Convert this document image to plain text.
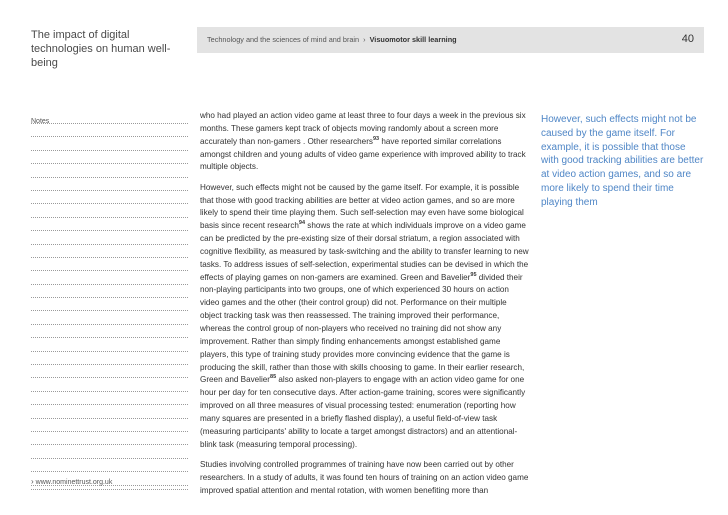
The impact of digital technologies on human well-being
Technology and the sciences of mind and brain › Visuomotor skill learning	40
Notes
› www.nominettrust.org.uk

who had played an action video game at least three to four days a week in the previous six months. These gamers kept track of objects moving randomly about a screen more accurately than non-gamers . Other researchers$^{93}$ have reported similar correlations amongst children and young adults of video game experience with improved ability to track multiple objects.

However, such effects might not be caused by the game itself. For example, it is possible that those with good tracking abilities are better at video action games, and so are more likely to spend their time playing them. Such self-selection may even have some biological basis since recent research$^{94}$ shows the rate at which individuals improve on a video game can be predicted by the pre-existing size of their dorsal striatum, a region associated with cognitive flexibility, as measured by task-switching and the ability to transfer learning to new tasks. To address issues of self-selection, experimental studies can be devised in which the effects of playing games on non-gamers are examined. Green and Bavelier$^{95}$ divided their non-playing participants into two groups, one of which experienced 30 hours on action video games and the other (their control group) did not. Performance on their multiple object tracking task was then reassessed. The training improved their performance, whereas the control group of non-players who received no training did not show any improvement. Rather than simply finding enhancements amongst established game players, this type of training study provides more convincing evidence that the game is producing the skill, rather than those with skills choosing to game. In their earlier research, Green and Bavelier$^{85}$ also asked non-players to engage with an action video game for one hour per day for ten consecutive days. After action-game training, scores were significantly improved on all three measures of visual processing tested: enumeration (reporting how many squares are presented in a briefly flashed display), a useful field-of-view task (measuring participants' ability to locate a target amongst distractors) and an attentional-blink task (measuring temporal processing).

Studies involving controlled programmes of training have now been carried out by other researchers. In a study of adults, it was found ten hours of training on an action video game improved spatial attention and mental rotation, with women benefiting more than

However, such effects might not be caused by the game itself. For example, it is possible that those with good tracking abilities are better at video action games, and so are more likely to spend their time playing them
